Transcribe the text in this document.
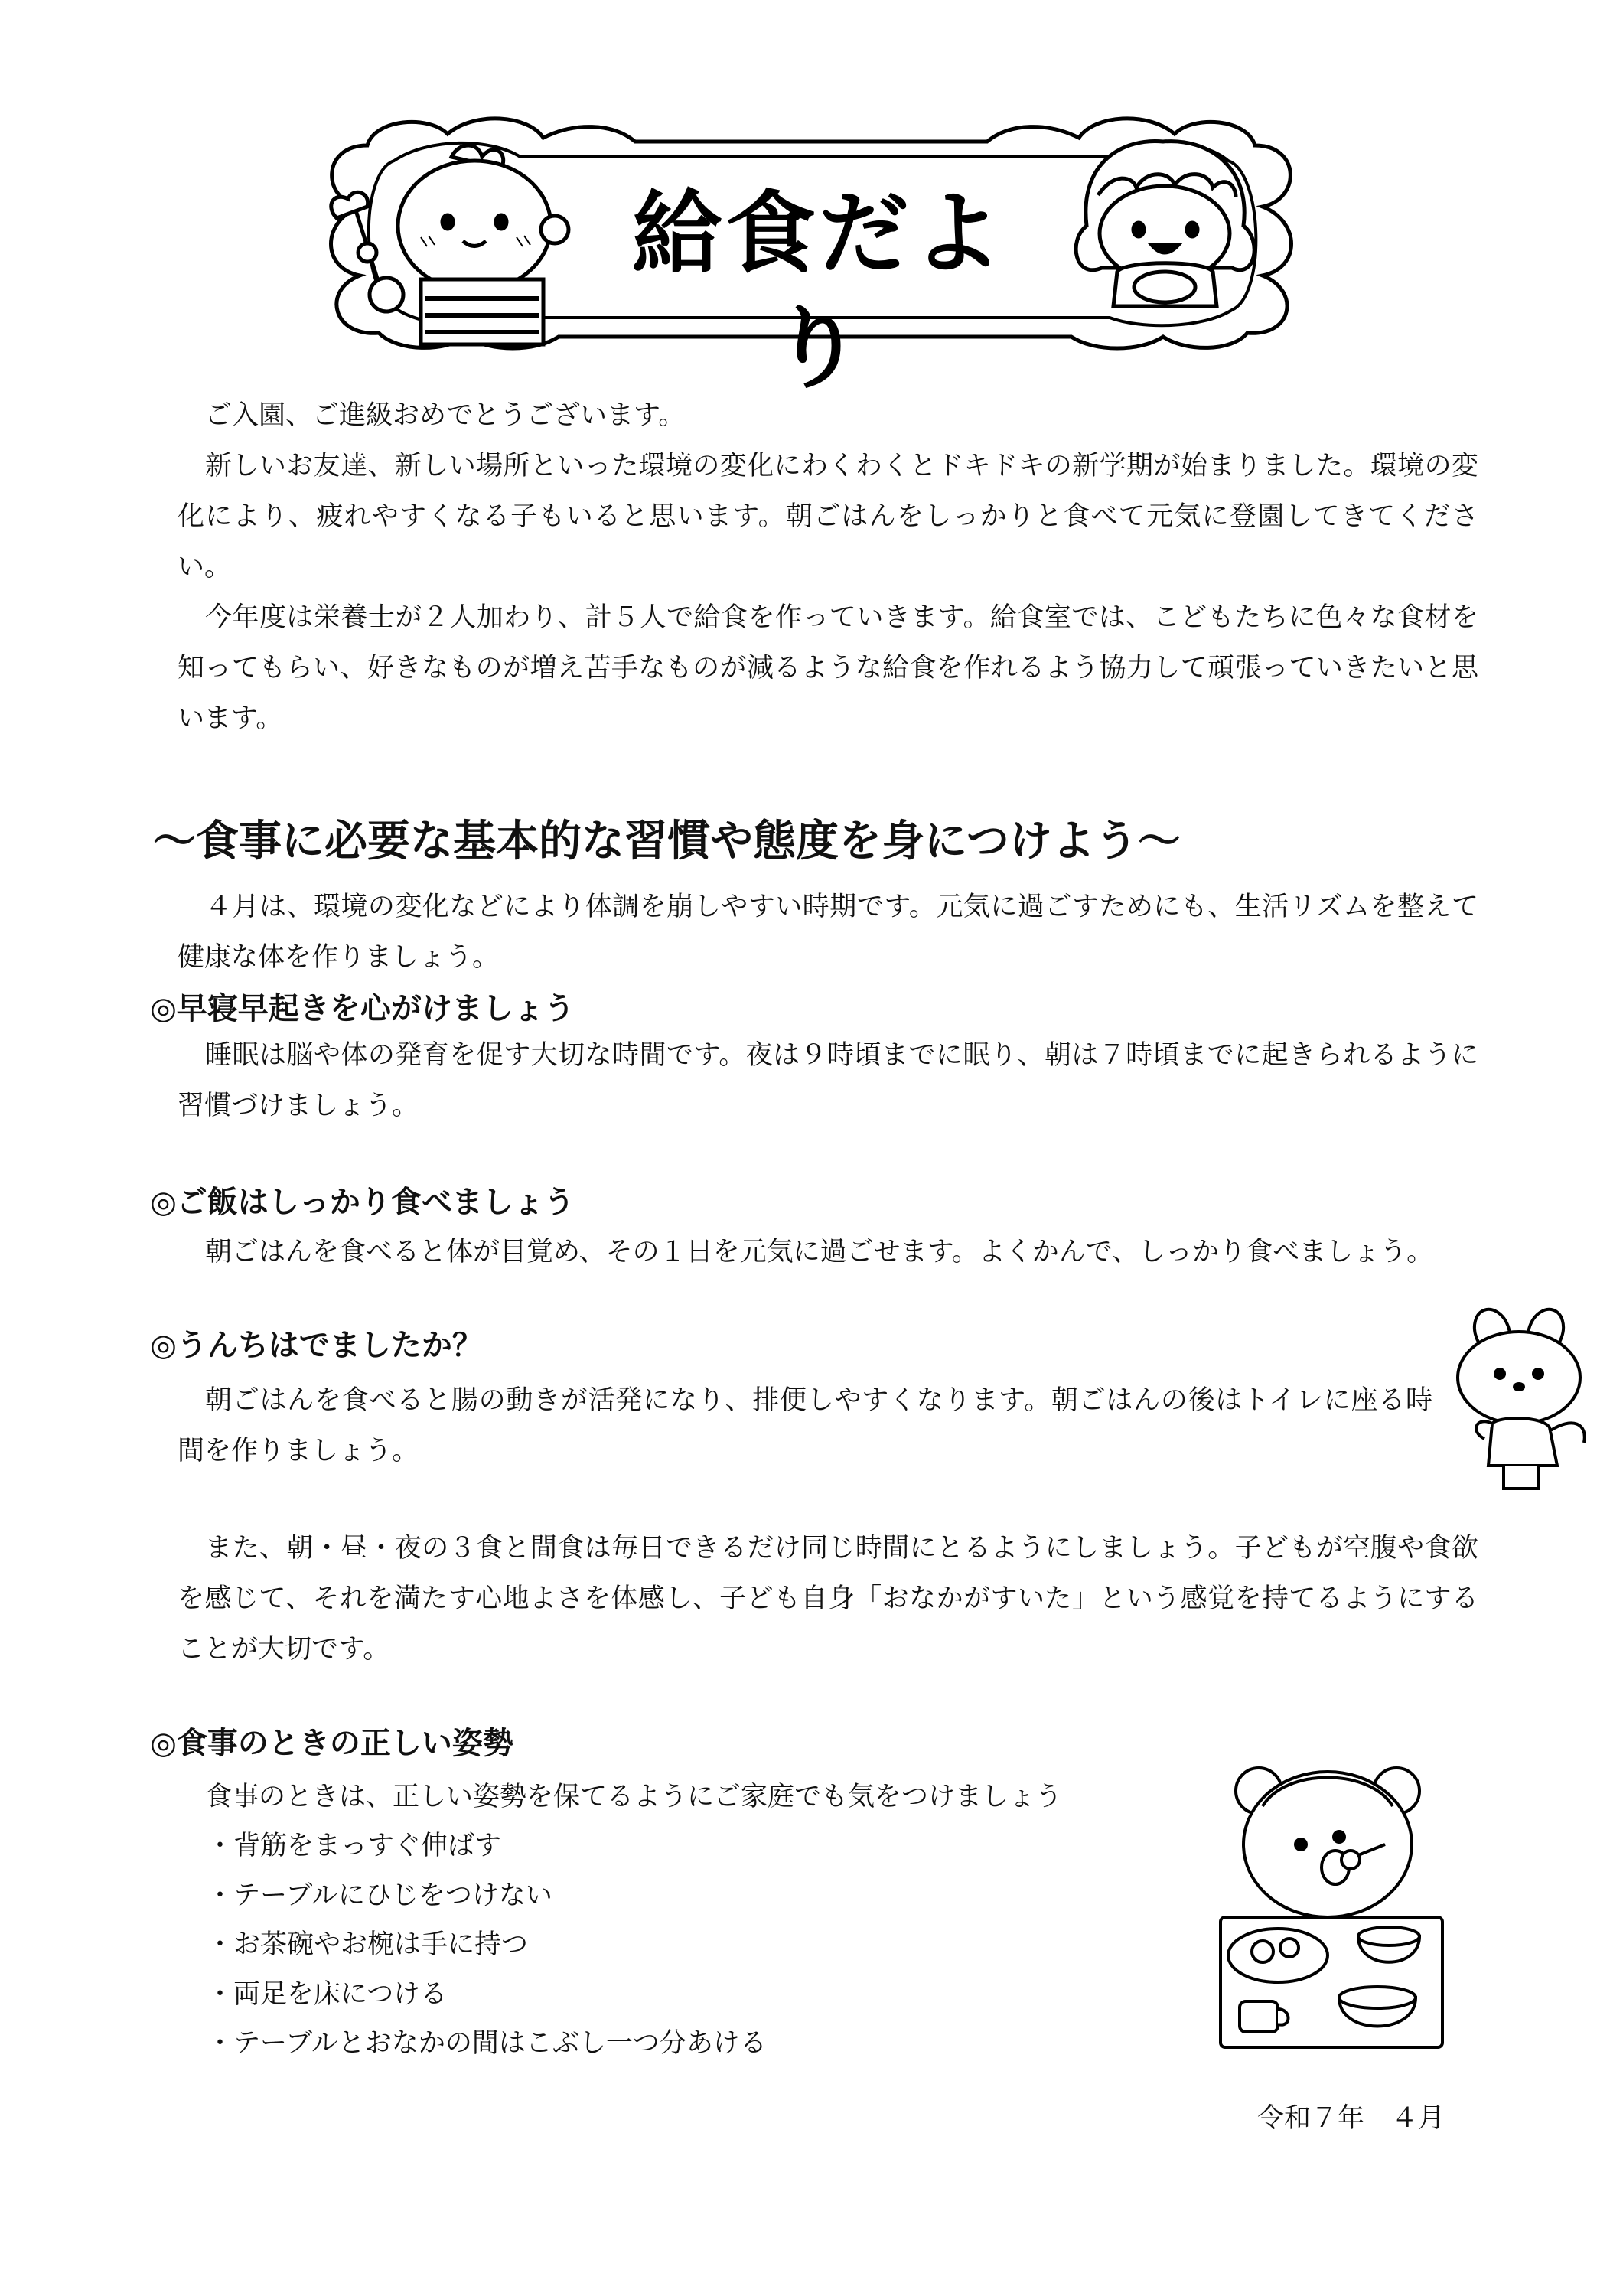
給食だより

ご入園、ご進級おめでとうございます。

新しいお友達、新しい場所といった環境の変化にわくわくとドキドキの新学期が始まりました。環境の変化により、疲れやすくなる子もいると思います。朝ごはんをしっかりと食べて元気に登園してきてください。

今年度は栄養士が２人加わり、計５人で給食を作っていきます。給食室では、こどもたちに色々な食材を知ってもらい、好きなものが増え苦手なものが減るような給食を作れるよう協力して頑張っていきたいと思います。

～食事に必要な基本的な習慣や態度を身につけよう～

４月は、環境の変化などにより体調を崩しやすい時期です。元気に過ごすためにも、生活リズムを整えて健康な体を作りましょう。

◎早寝早起きを心がけましょう

睡眠は脳や体の発育を促す大切な時間です。夜は９時頃までに眠り、朝は７時頃までに起きられるように習慣づけましょう。

◎ご飯はしっかり食べましょう

朝ごはんを食べると体が目覚め、その１日を元気に過ごせます。よくかんで、しっかり食べましょう。

◎うんちはでましたか？

朝ごはんを食べると腸の動きが活発になり、排便しやすくなります。朝ごはんの後はトイレに座る時間を作りましょう。

また、朝・昼・夜の３食と間食は毎日できるだけ同じ時間にとるようにしましょう。子どもが空腹や食欲を感じて、それを満たす心地よさを体感し、子ども自身「おなかがすいた」という感覚を持てるようにすることが大切です。

◎食事のときの正しい姿勢

食事のときは、正しい姿勢を保てるようにご家庭でも気をつけましょう

・背筋をまっすぐ伸ばす
・テーブルにひじをつけない
・お茶碗やお椀は手に持つ
・両足を床につける
・テーブルとおなかの間はこぶし一つ分あける
令和７年　４月
